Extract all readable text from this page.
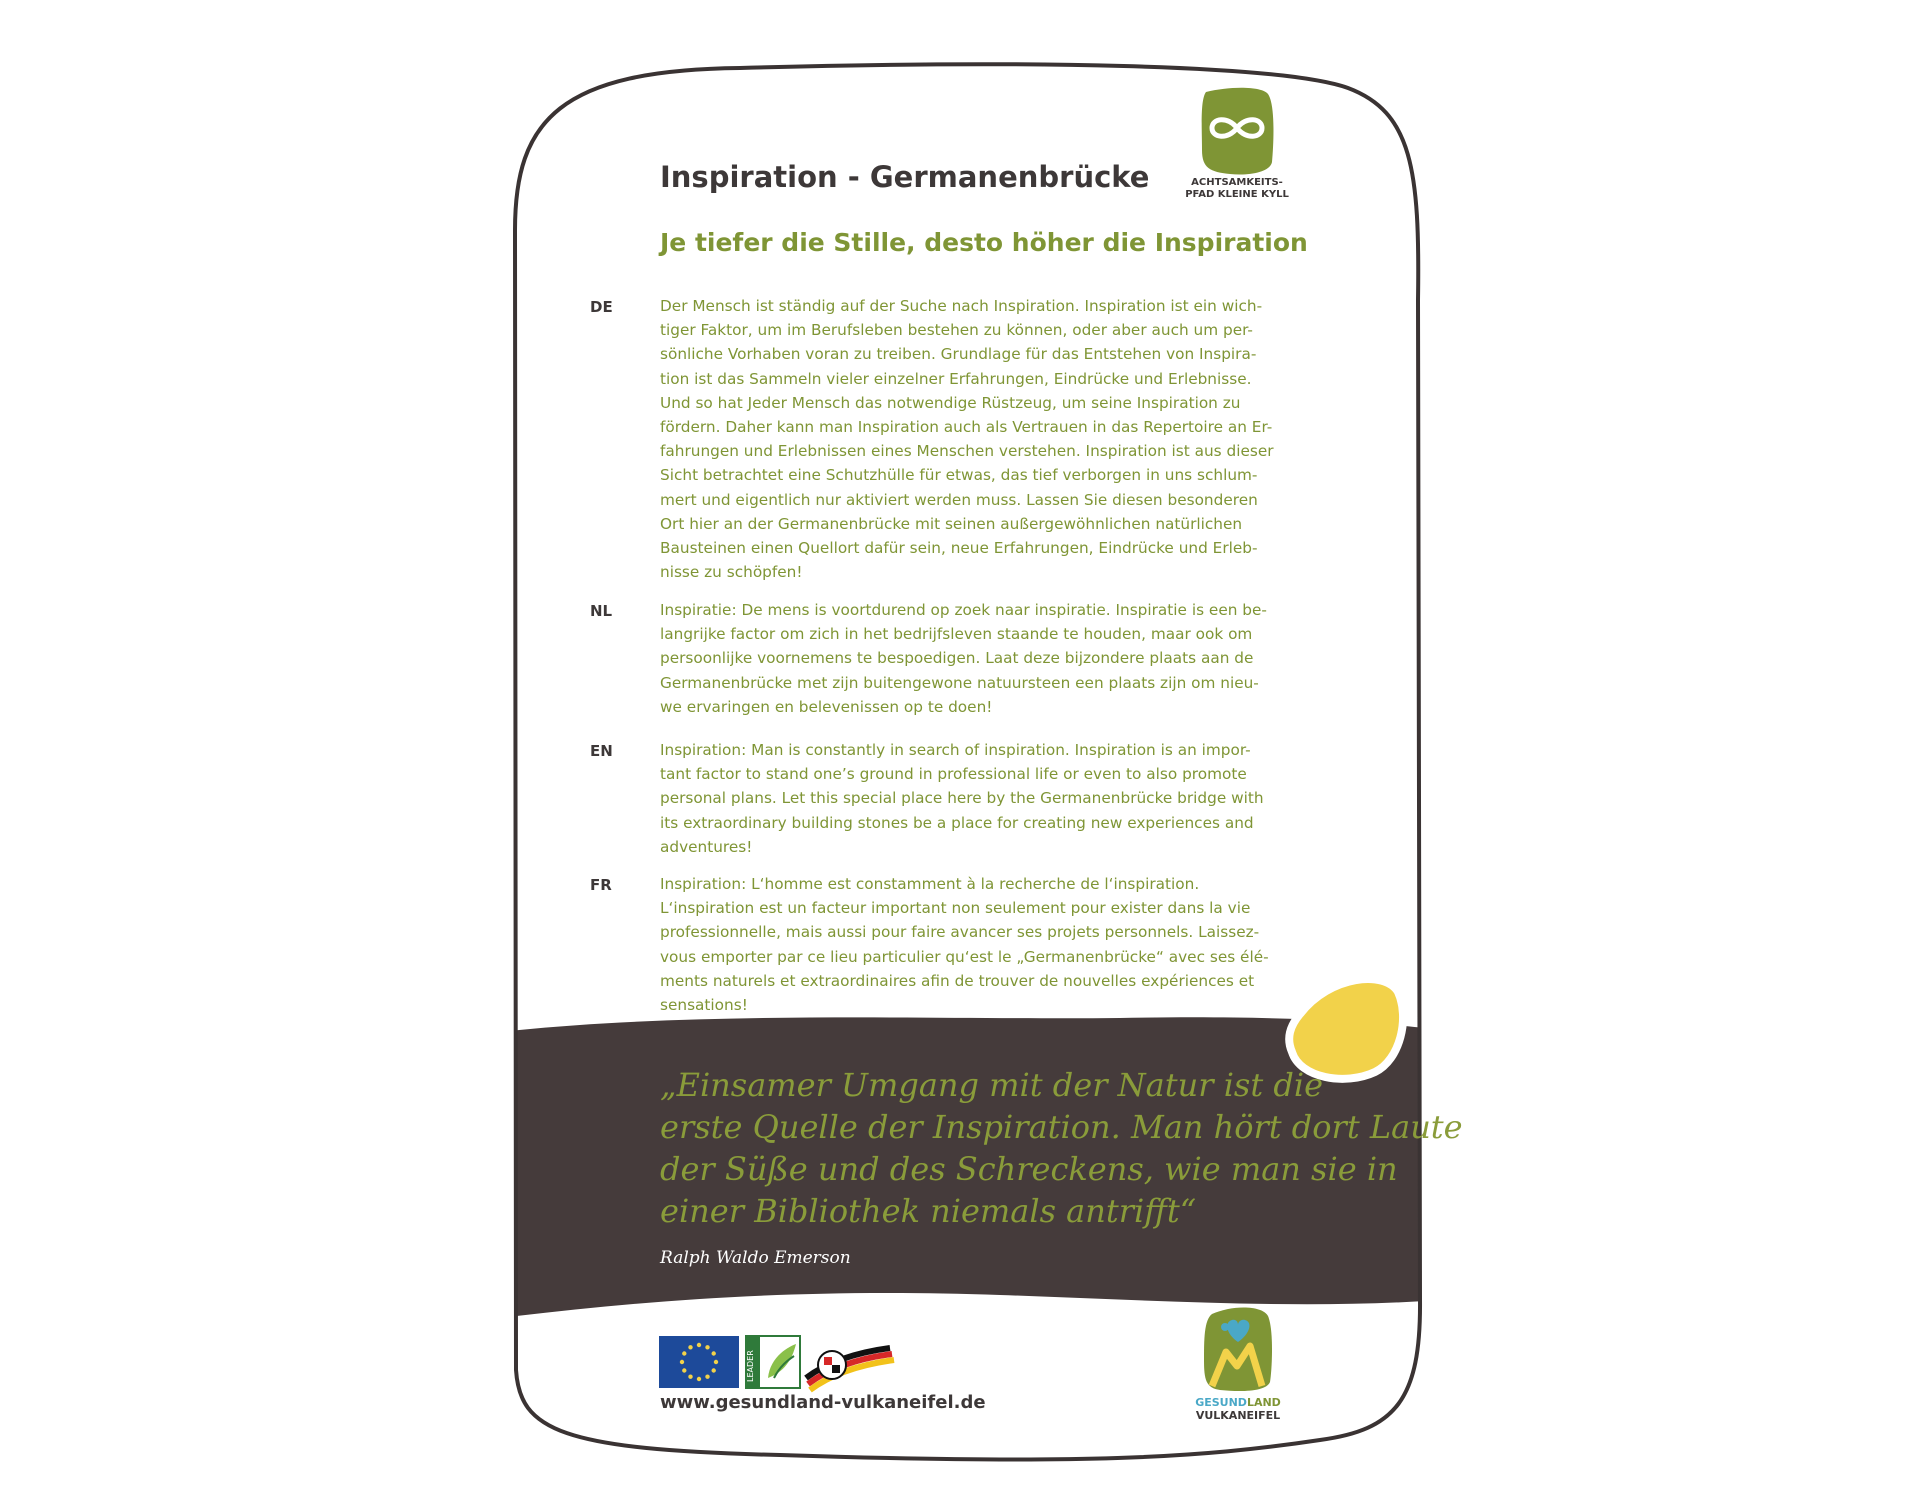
LEADER
Inspiration - Germanenbrücke
Je tiefer die Stille, desto höher die Inspiration
ACHTSAMKEITS-
PFAD KLEINE KYLL
DE	Der Mensch ist ständig auf der Suche nach Inspiration. Inspiration ist ein wich-
tiger Faktor, um im Berufsleben bestehen zu können, oder aber auch um per-
sönliche Vorhaben voran zu treiben. Grundlage für das Entstehen von Inspira-
tion ist das Sammeln vieler einzelner Erfahrungen, Eindrücke und Erlebnisse.
Und so hat Jeder Mensch das notwendige Rüstzeug, um seine Inspiration zu
fördern. Daher kann man Inspiration auch als Vertrauen in das Repertoire an Er-
fahrungen und Erlebnissen eines Menschen verstehen. Inspiration ist aus dieser
Sicht betrachtet eine Schutzhülle für etwas, das tief verborgen in uns schlum-
mert und eigentlich nur aktiviert werden muss. Lassen Sie diesen besonderen
Ort hier an der Germanenbrücke mit seinen außergewöhnlichen natürlichen
Bausteinen einen Quellort dafür sein, neue Erfahrungen, Eindrücke und Erleb-
nisse zu schöpfen!
NL	Inspiratie: De mens is voortdurend op zoek naar inspiratie. Inspiratie is een be-
langrijke factor om zich in het bedrijfsleven staande te houden, maar ook om
persoonlijke voornemens te bespoedigen. Laat deze bijzondere plaats aan de
Germanenbrücke met zijn buitengewone natuursteen een plaats zijn om nieu-
we ervaringen en belevenissen op te doen!
EN	Inspiration: Man is constantly in search of inspiration. Inspiration is an impor-
tant factor to stand one’s ground in professional life or even to also promote
personal plans. Let this special place here by the Germanenbrücke bridge with
its extraordinary building stones be a place for creating new experiences and
adventures!
FR	Inspiration: L‘homme est constamment à la recherche de l‘inspiration.
L‘inspiration est un facteur important non seulement pour exister dans la vie
professionnelle, mais aussi pour faire avancer ses projets personnels. Laissez-
vous emporter par ce lieu particulier qu‘est le „Germanenbrücke“ avec ses élé-
ments naturels et extraordinaires afin de trouver de nouvelles expériences et
sensations!
„Einsamer Umgang mit der Natur ist die
erste Quelle der Inspiration. Man hört dort Laute
der Süße und des Schreckens, wie man sie in
einer Bibliothek niemals antrifft“
Ralph Waldo Emerson
www.gesundland-vulkaneifel.de	GESUNDLAND
VULKANEIFEL
